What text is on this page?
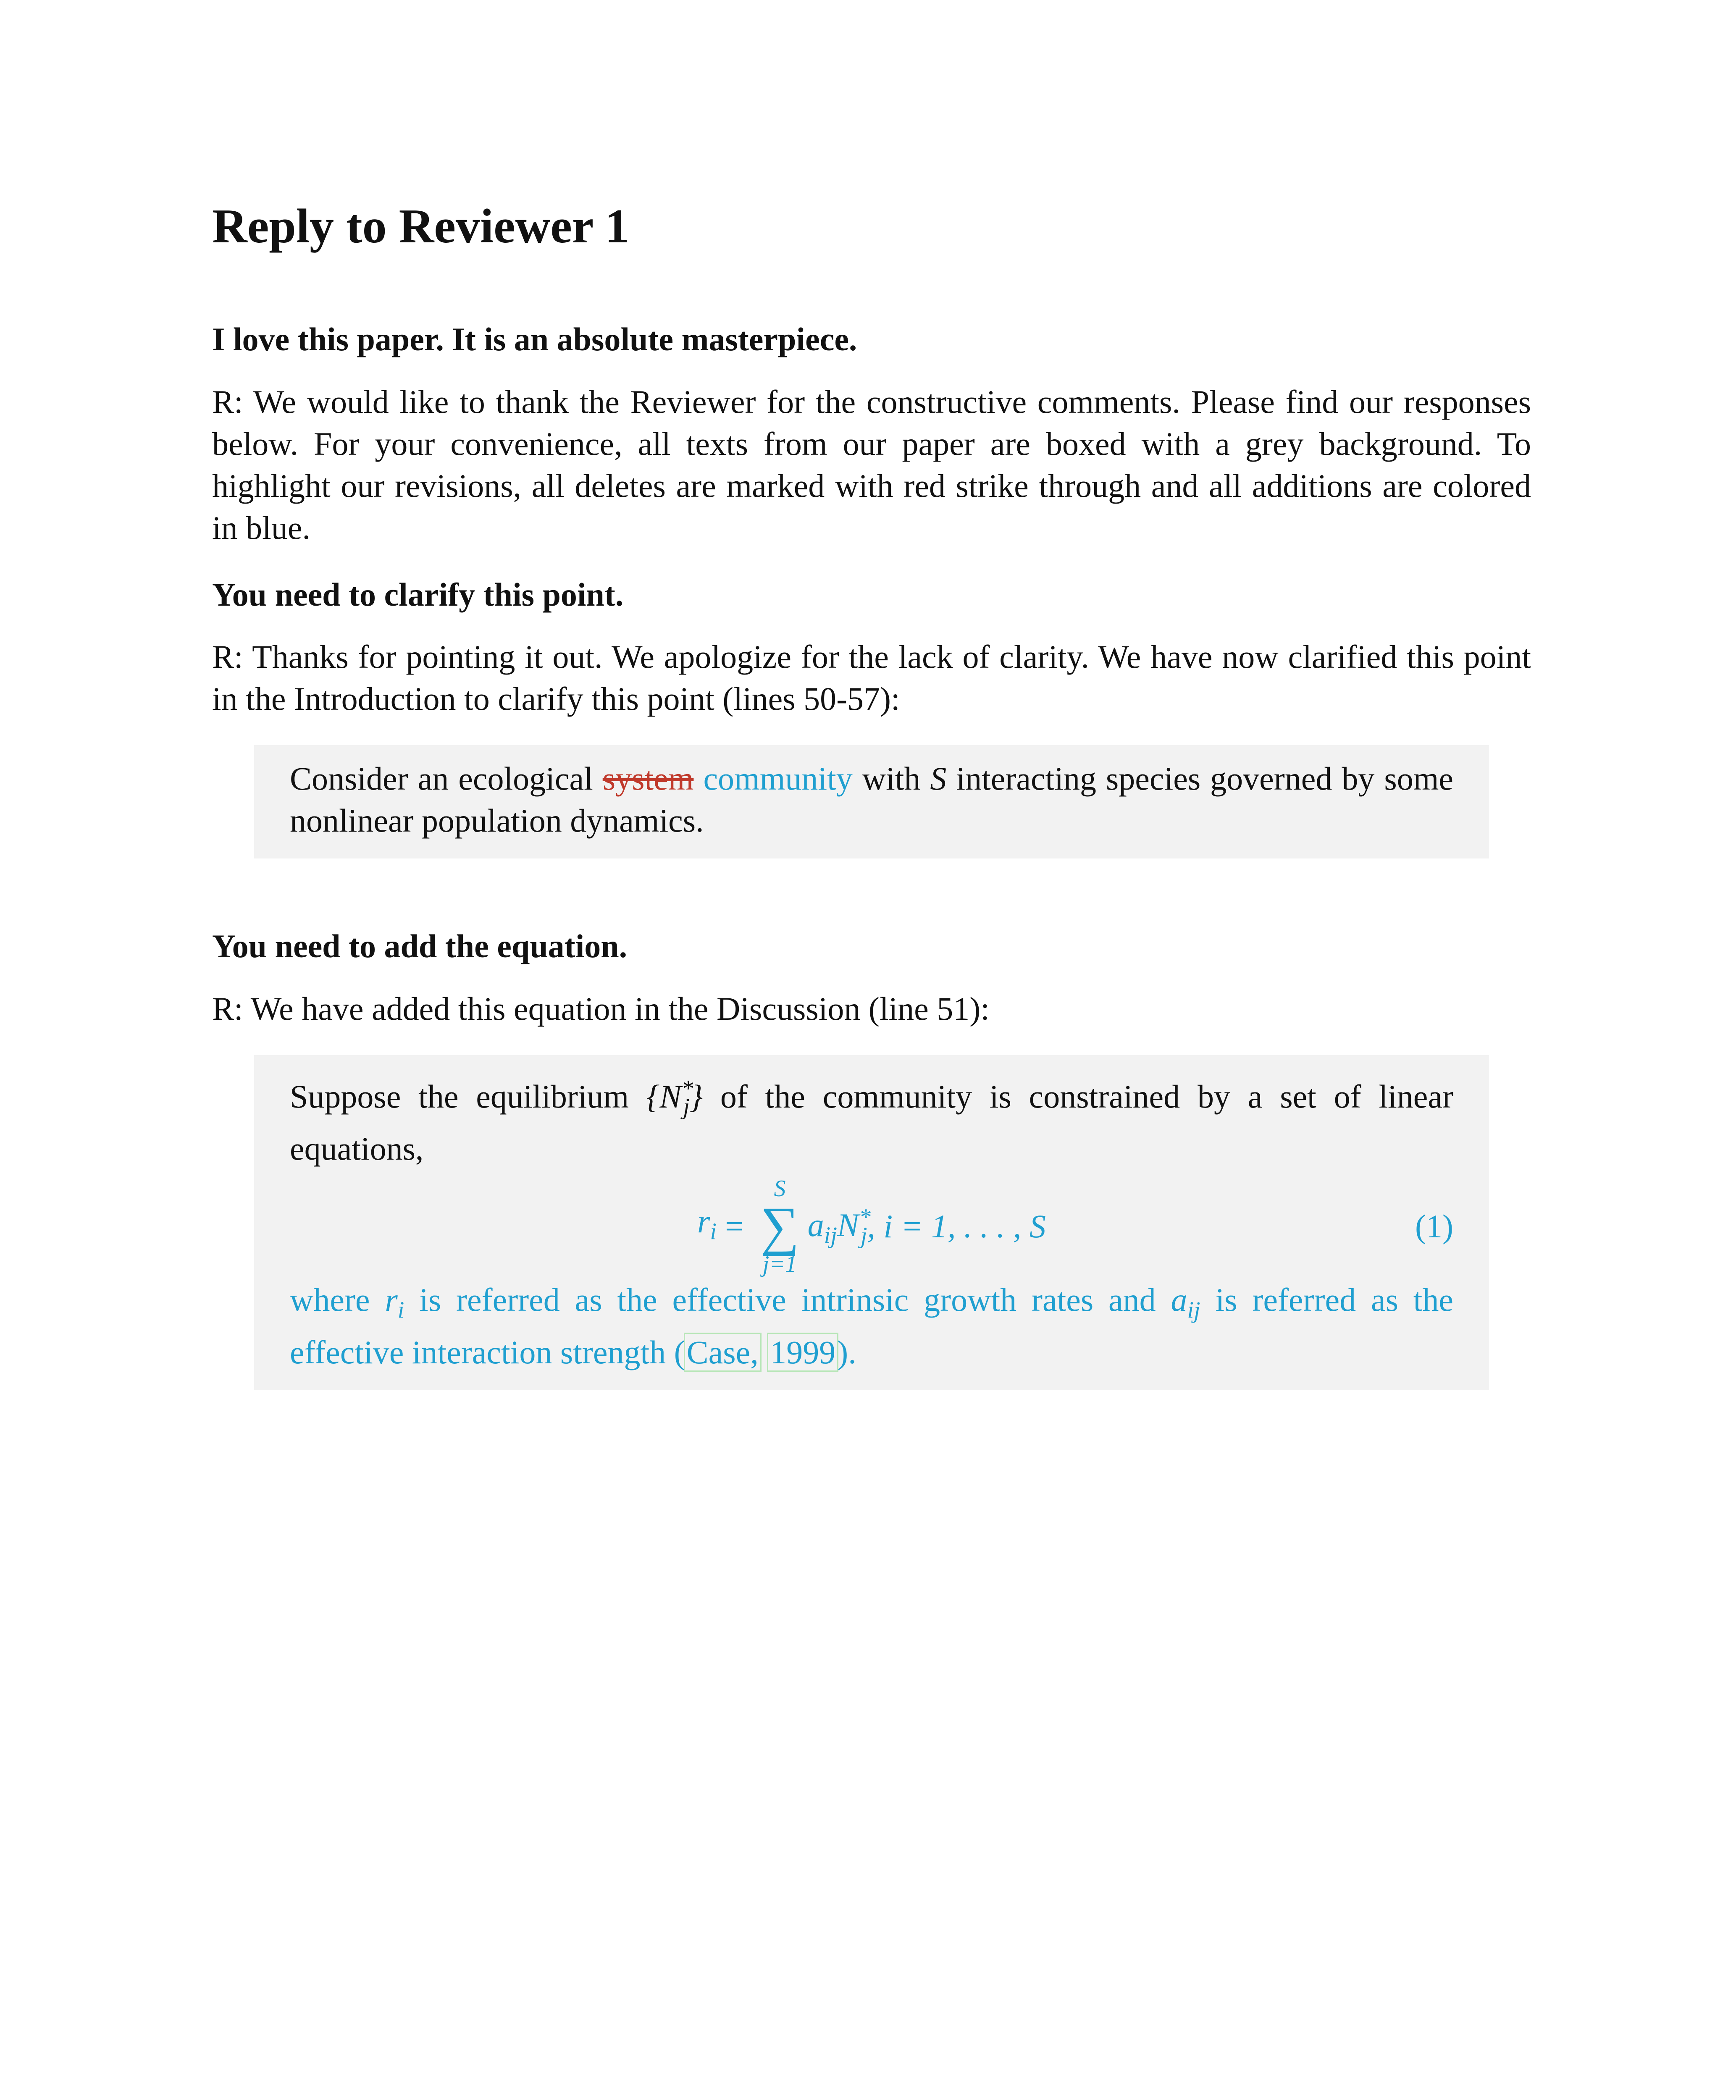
Reply to Reviewer 1

I love this paper. It is an absolute masterpiece.

R: We would like to thank the Reviewer for the constructive comments. Please find our responses below. For your convenience, all texts from our paper are boxed with a grey background. To highlight our revisions, all deletes are marked with red strike through and all additions are colored in blue.

You need to clarify this point.

R: Thanks for pointing it out. We apologize for the lack of clarity. We have now clarified this point in the Introduction to clarify this point (lines 50-57):

Consider an ecological system community with S interacting species governed by some nonlinear population dynamics.

You need to add the equation.

R: We have added this equation in the Discussion (line 51):

Suppose the equilibrium $\{N^*_j\}$ of the community is constrained by a set of linear equations,

$r_i$ =
S
∑
j=1
$a_{ij}N^*_j$ , i = 1, . . . , S	(1)

where $r_i$ is referred as the effective intrinsic growth rates and $a_{ij}$ is referred as the effective interaction strength (Case, 1999).
